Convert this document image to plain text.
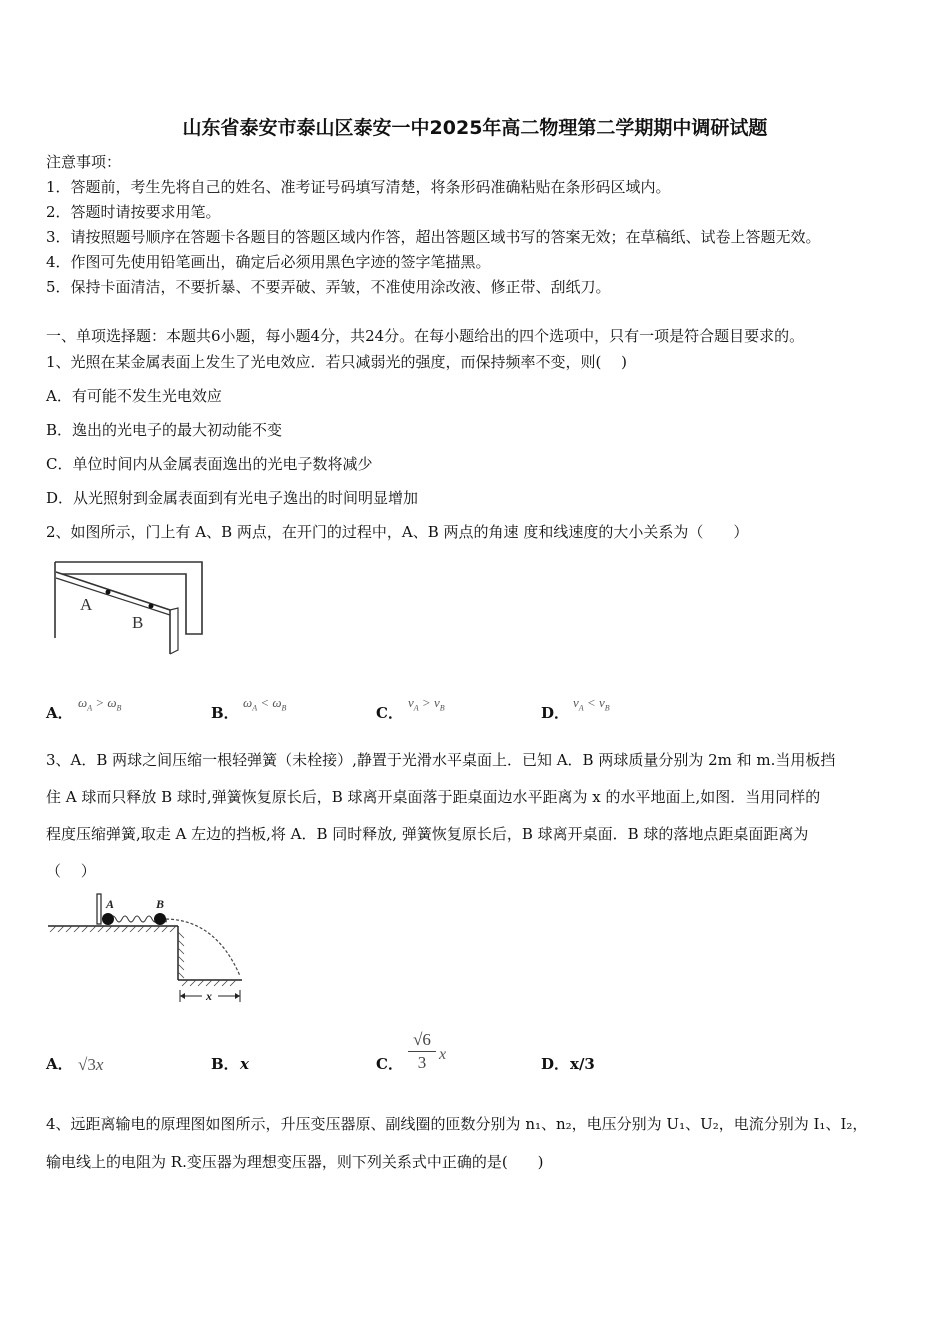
山东省泰安市泰山区泰安一中2025年高二物理第二学期期中调研试题
注意事项：
1．答题前，考生先将自己的姓名、准考证号码填写清楚，将条形码准确粘贴在条形码区域内。
2．答题时请按要求用笔。
3．请按照题号顺序在答题卡各题目的答题区域内作答，超出答题区域书写的答案无效；在草稿纸、试卷上答题无效。
4．作图可先使用铅笔画出，确定后必须用黑色字迹的签字笔描黑。
5．保持卡面清洁，不要折暴、不要弄破、弄皱，不准使用涂改液、修正带、刮纸刀。
一、单项选择题：本题共6小题，每小题4分，共24分。在每小题给出的四个选项中，只有一项是符合题目要求的。
1、光照在某金属表面上发生了光电效应．若只减弱光的强度，而保持频率不变，则(　 )
A．有可能不发生光电效应
B．逸出的光电子的最大初动能不变
C．单位时间内从金属表面逸出的光电子数将减少
D．从光照射到金属表面到有光电子逸出的时间明显增加
2、如图所示，门上有 A、B 两点，在开门的过程中，A、B 两点的角速 度和线速度的大小关系为（　　）
A
B
A．
$\omega_A > \omega_B$	B．
$\omega_A < \omega_B$	C．
$v_A > v_B$	D．
$v_A < v_B$
3、A．B 两球之间压缩一根轻弹簧（未栓接）,静置于光滑水平桌面上．已知 A．B 两球质量分别为 2m 和 m.当用板挡
住 A 球而只释放 B 球时,弹簧恢复原长后，B 球离开桌面落于距桌面边水平距离为 x 的水平地面上,如图．当用同样的
程度压缩弹簧,取走 A 左边的挡板,将 A．B 同时释放, 弹簧恢复原长后，B 球离开桌面．B 球的落地点距桌面距离为
（　 ）
A	B
x
A． √3x	B． x	C．
√6
3 x
D． x/3
4、远距离输电的原理图如图所示，升压变压器原、副线圈的匝数分别为 n₁、n₂，电压分别为 U₁、U₂，电流分别为 I₁、I₂，
输电线上的电阻为 R.变压器为理想变压器，则下列关系式中正确的是(　　)
